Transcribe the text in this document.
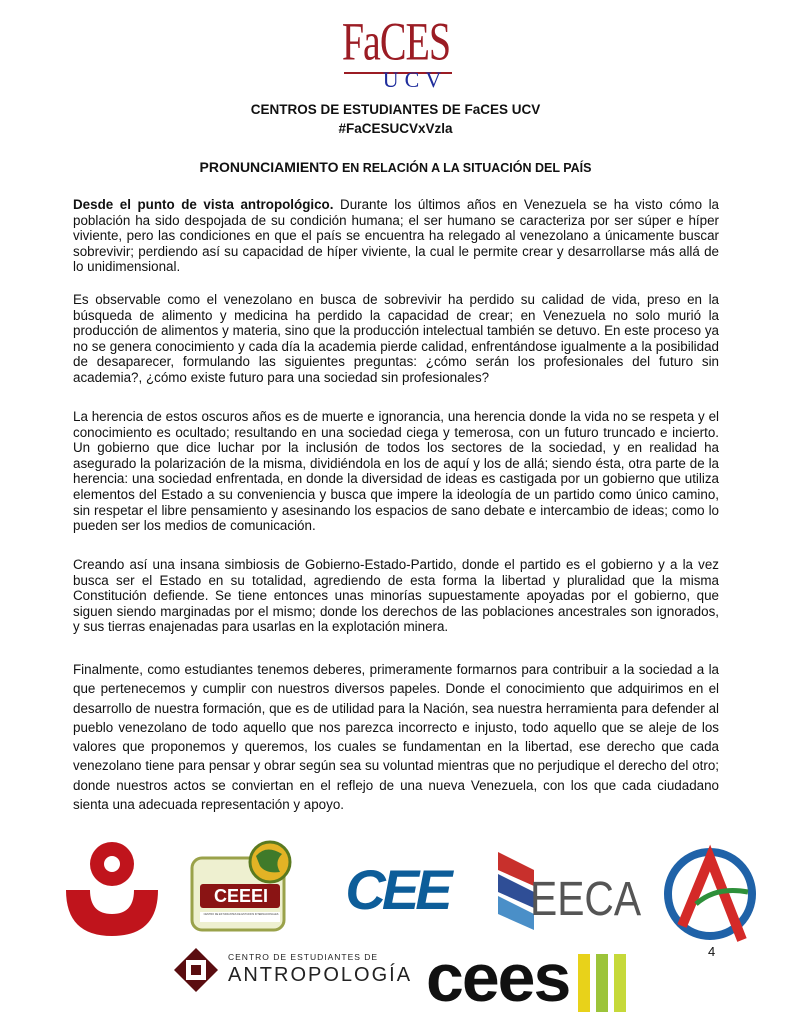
FaCES
UCV
CENTROS DE ESTUDIANTES DE FaCES UCV
#FaCESUCVxVzla
PRONUNCIAMIENTO EN RELACIÓN A LA SITUACIÓN DEL PAÍS

Desde el punto de vista antropológico. Durante los últimos años en Venezuela se ha visto cómo la población ha sido despojada de su condición humana; el ser humano se caracteriza por ser súper e híper viviente, pero las condiciones en que el país se encuentra ha relegado al venezolano a únicamente buscar sobrevivir; perdiendo así su capacidad de híper viviente, la cual le permite crear y desarrollarse más allá de lo unidimensional.

Es observable como el venezolano en busca de sobrevivir ha perdido su calidad de vida, preso en la búsqueda de alimento y medicina ha perdido la capacidad de crear; en Venezuela no solo murió la producción de alimentos y materia, sino que la producción intelectual también se detuvo. En este proceso ya no se genera conocimiento y cada día la academia pierde calidad, enfrentándose igualmente a la posibilidad de desaparecer, formulando las siguientes preguntas: ¿cómo serán los profesionales del futuro sin academia?, ¿cómo existe futuro para una sociedad sin profesionales?

La herencia de estos oscuros años es de muerte e ignorancia, una herencia donde la vida no se respeta y el conocimiento es ocultado; resultando en una sociedad ciega y temerosa, con un futuro truncado e incierto. Un gobierno que dice luchar por la inclusión de todos los sectores de la sociedad, y en realidad ha asegurado la polarización de la misma, dividiéndola en los de aquí y los de allá; siendo ésta, otra parte de la herencia: una sociedad enfrentada, en donde la diversidad de ideas es castigada por un gobierno que utiliza elementos del Estado a su conveniencia y busca que impere la ideología de un partido como único camino, sin respetar el libre pensamiento y asesinando los espacios de sano debate e intercambio de ideas; como lo pueden ser los medios de comunicación.

Creando así una insana simbiosis de Gobierno-Estado-Partido, donde el partido es el gobierno y a la vez busca ser el Estado en su totalidad, agrediendo de esta forma la libertad y pluralidad que la misma Constitución defiende. Se tiene entonces unas minorías supuestamente apoyadas por el gobierno, que siguen siendo marginadas por el mismo; donde los derechos de las poblaciones ancestrales son ignorados, y sus tierras enajenadas para usarlas en la explotación minera.

Finalmente, como estudiantes tenemos deberes, primeramente formarnos para contribuir a la sociedad a la que pertenecemos y cumplir con nuestros diversos papeles. Donde el conocimiento que adquirimos en el desarrollo de nuestra formación, que es de utilidad para la Nación, sea nuestra herramienta para defender al pueblo venezolano de todo aquello que nos parezca incorrecto e injusto, todo aquello que se aleje de los valores que proponemos y queremos, los cuales se fundamentan en la libertad, ese derecho que cada venezolano tiene para pensar y obrar según sea su voluntad mientras que no perjudique el derecho del otro; donde nuestros actos se conviertan en el reflejo de una nueva Venezuela, con los que cada ciudadano sienta una adecuada representación y apoyo.

CEEEI
CENTRO DE ESTUDIANTES DE ESTUDIOS INTERNACIONALES	CEE	EECA
CENTRO DE ESTUDIANTES DE
ANTROPOLOGÍA cees	4
